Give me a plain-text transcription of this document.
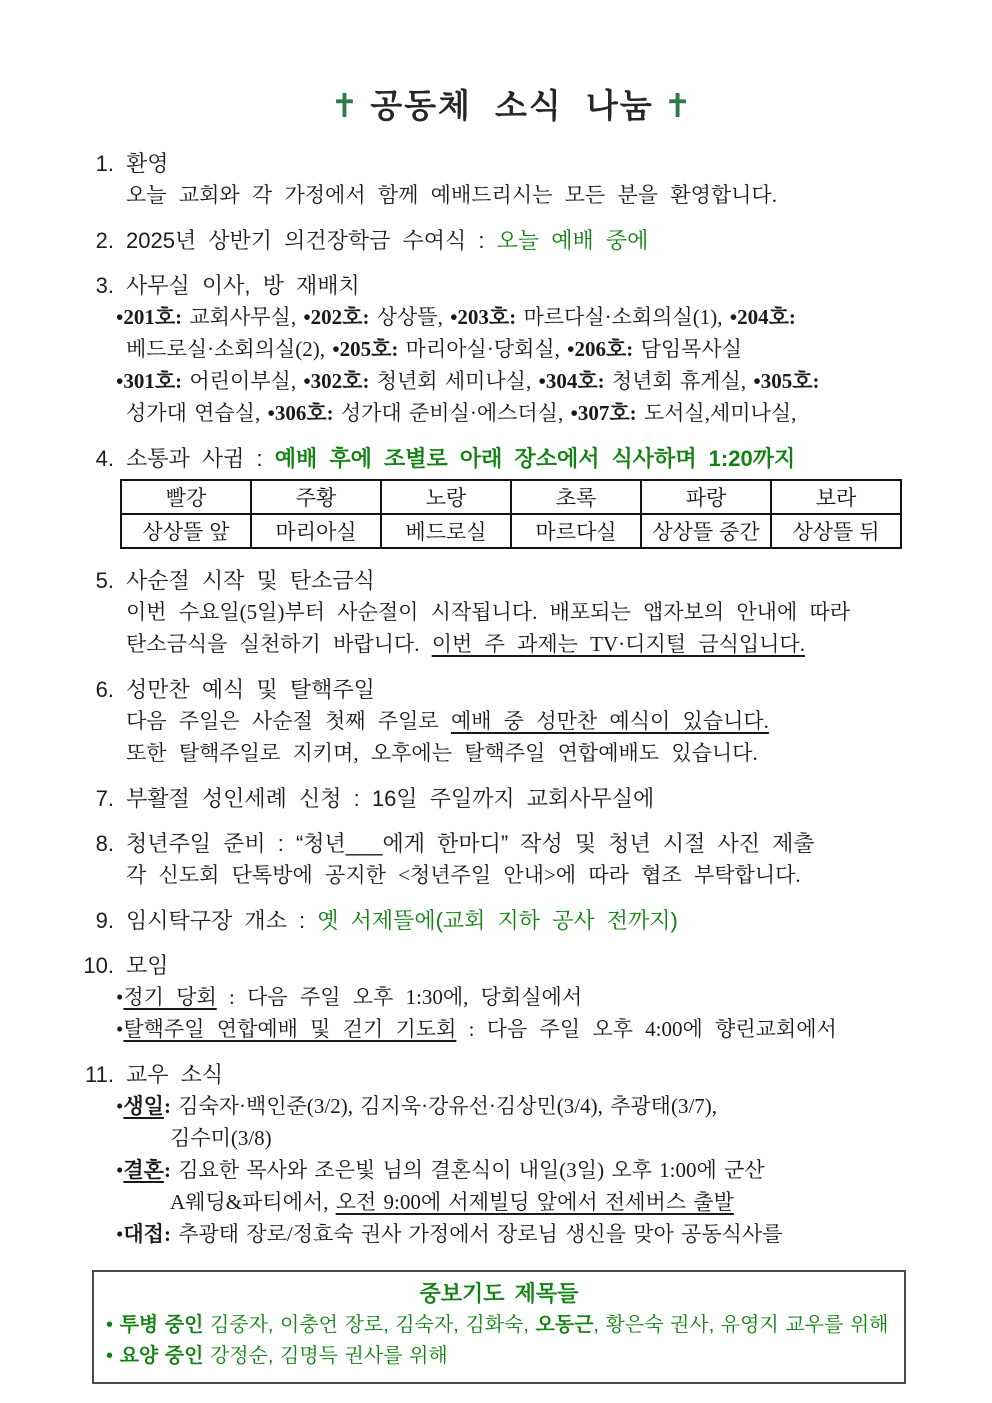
✝ 공동체 소식 나눔 ✝
1. 환영
오늘 교회와 각 가정에서 함께 예배드리시는 모든 분을 환영합니다.
2. 2025년 상반기 의건장학금 수여식 : 오늘 예배 중에
3. 사무실 이사, 방 재배치
•201호: 교회사무실, •202호: 상상뜰, •203호: 마르다실·소회의실(1), •204호:
베드로실·소회의실(2), •205호: 마리아실·당회실, •206호: 담임목사실
•301호: 어린이부실, •302호: 청년회 세미나실, •304호: 청년회 휴게실, •305호:
성가대 연습실, •306호: 성가대 준비실·에스더실, •307호: 도서실,세미나실,
4. 소통과 사귐 : 예배 후에 조별로 아래 장소에서 식사하며 1:20까지
빨강	주황	노랑	초록	파랑	보라
상상뜰 앞	마리아실	베드로실	마르다실	상상뜰 중간	상상뜰 뒤
5. 사순절 시작 및 탄소금식
이번 수요일(5일)부터 사순절이 시작됩니다. 배포되는 앱자보의 안내에 따라
탄소금식을 실천하기 바랍니다. 이번 주 과제는 TV·디지털 금식입니다.
6. 성만찬 예식 및 탈핵주일
다음 주일은 사순절 첫째 주일로 예배 중 성만찬 예식이 있습니다.
또한 탈핵주일로 지키며, 오후에는 탈핵주일 연합예배도 있습니다.
7. 부활절 성인세례 신청 : 16일 주일까지 교회사무실에
8. 청년주일 준비 : “청년___에게 한마디” 작성 및 청년 시절 사진 제출
각 신도회 단톡방에 공지한 <청년주일 안내>에 따라 협조 부탁합니다.
9. 임시탁구장 개소 : 옛 서제뜰에(교회 지하 공사 전까지)
10. 모임
•정기 당회 : 다음 주일 오후 1:30에, 당회실에서
•탈핵주일 연합예배 및 걷기 기도회 : 다음 주일 오후 4:00에 향린교회에서
11. 교우 소식
•생일: 김숙자·백인준(3/2), 김지욱·강유선·김상민(3/4), 추광태(3/7),
김수미(3/8)
•결혼: 김요한 목사와 조은빛 님의 결혼식이 내일(3일) 오후 1:00에 군산
A웨딩&파티에서, 오전 9:00에 서제빌딩 앞에서 전세버스 출발
•대접: 추광태 장로/정효숙 권사 가정에서 장로님 생신을 맞아 공동식사를
중보기도 제목들
• 투병 중인 김중자, 이충언 장로, 김숙자, 김화숙, 오동근, 황은숙 권사, 유영지 교우를 위해
• 요양 중인 강정순, 김명득 권사를 위해
